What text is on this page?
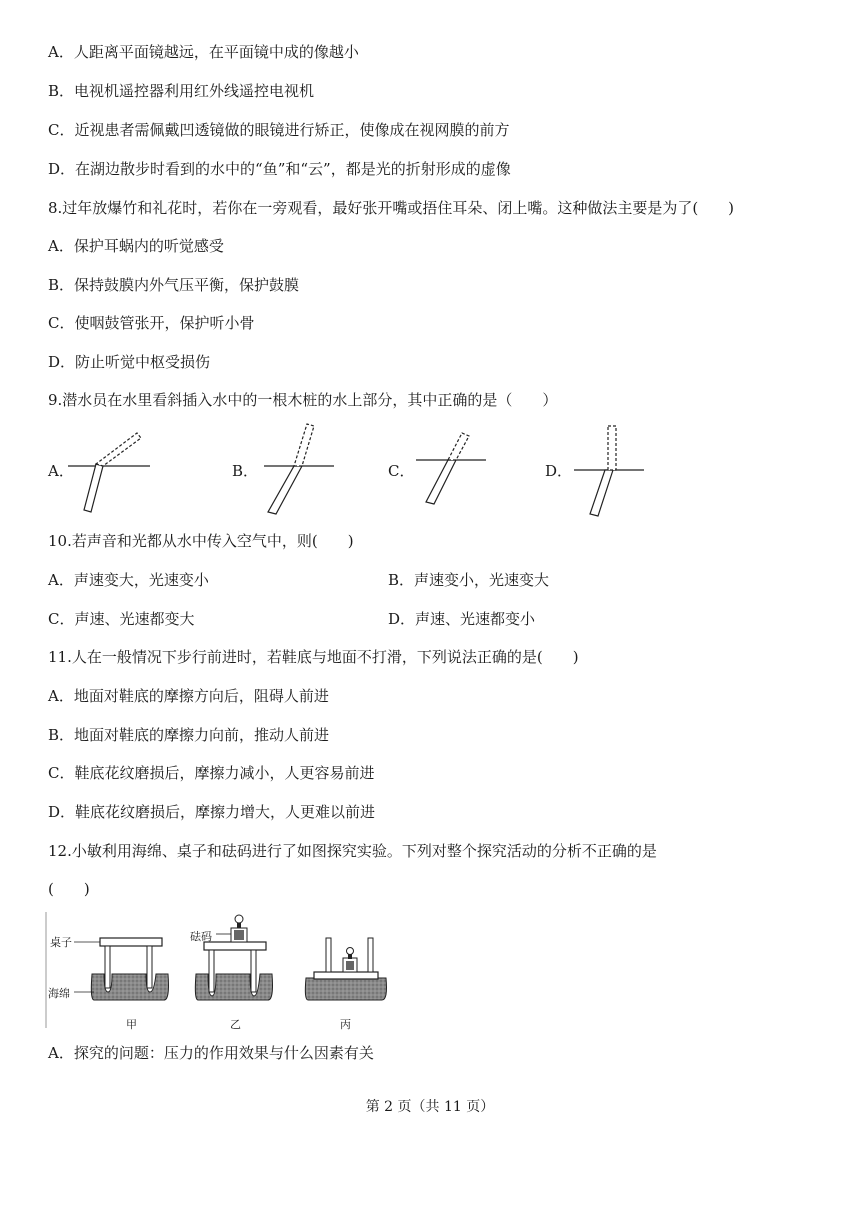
A．人距离平面镜越远，在平面镜中成的像越小
B．电视机遥控器利用红外线遥控电视机
C．近视患者需佩戴凹透镜做的眼镜进行矫正，使像成在视网膜的前方
D．在湖边散步时看到的水中的“鱼”和“云”，都是光的折射形成的虚像
8.过年放爆竹和礼花时，若你在一旁观看，最好张开嘴或捂住耳朵、闭上嘴。这种做法主要是为了(　　)
A．保护耳蜗内的听觉感受
B．保持鼓膜内外气压平衡，保护鼓膜
C．使咽鼓管张开，保护听小骨
D．防止听觉中枢受损伤
9.潜水员在水里看斜插入水中的一根木桩的水上部分，其中正确的是（　　）
A．	B．	C．	D．
10.若声音和光都从水中传入空气中，则(　　)
A．声速变大，光速变小	B．声速变小，光速变大
C．声速、光速都变大	D．声速、光速都变小
11.人在一般情况下步行前进时，若鞋底与地面不打滑，下列说法正确的是(　　)
A．地面对鞋底的摩擦方向后，阻碍人前进
B．地面对鞋底的摩擦力向前，推动人前进
C．鞋底花纹磨损后，摩擦力减小，人更容易前进
D．鞋底花纹磨损后，摩擦力增大，人更难以前进
12.小敏利用海绵、桌子和砝码进行了如图探究实验。下列对整个探究活动的分析不正确的是
(　　)
桌子	砝码
海绵
甲	乙	丙
A．探究的问题：压力的作用效果与什么因素有关
第 2 页（共 11 页）
